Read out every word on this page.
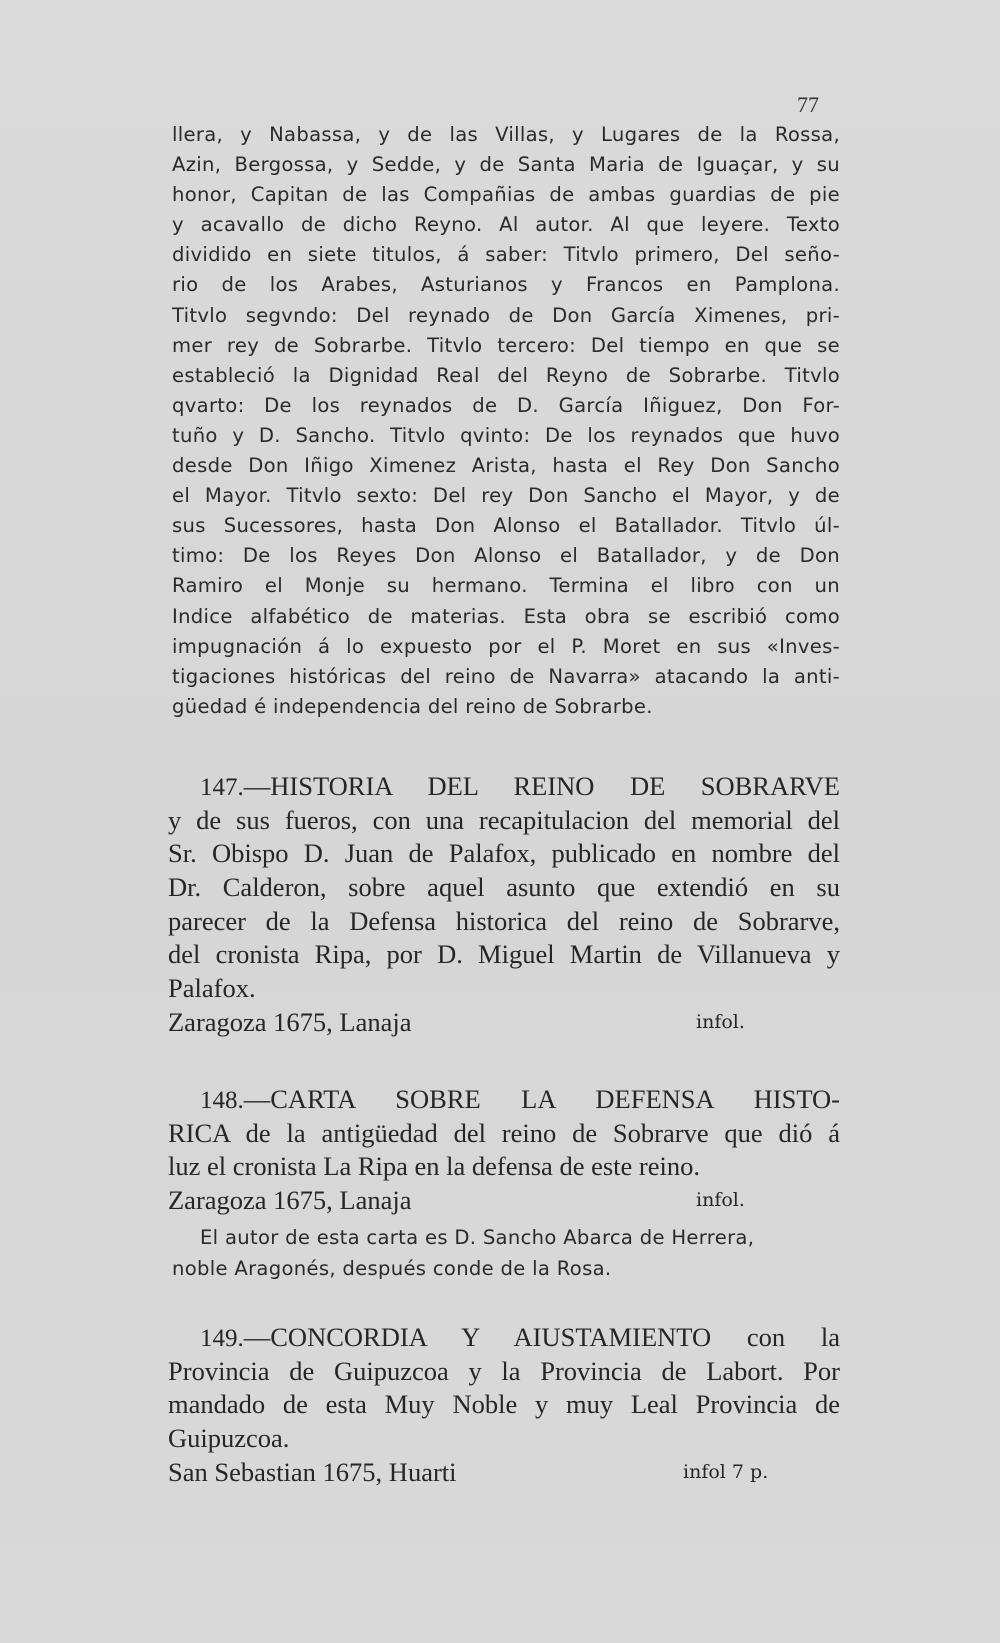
77
llera, y Nabassa, y de las Villas, y Lugares de la Rossa,
Azin, Bergossa, y Sedde, y de Santa Maria de Iguaçar, y su
honor, Capitan de las Compañias de ambas guardias de pie
y acavallo de dicho Reyno. Al autor. Al que leyere. Texto
dividido en siete titulos, á saber: Titvlo primero, Del seño-
rio de los Arabes, Asturianos y Francos en Pamplona.
Titvlo segvndo: Del reynado de Don García Ximenes, pri-
mer rey de Sobrarbe. Titvlo tercero: Del tiempo en que se
estableció la Dignidad Real del Reyno de Sobrarbe. Titvlo
qvarto: De los reynados de D. García Iñiguez, Don For-
tuño y D. Sancho. Titvlo qvinto: De los reynados que huvo
desde Don Iñigo Ximenez Arista, hasta el Rey Don Sancho
el Mayor. Titvlo sexto: Del rey Don Sancho el Mayor, y de
sus Sucessores, hasta Don Alonso el Batallador. Titvlo úl-
timo: De los Reyes Don Alonso el Batallador, y de Don
Ramiro el Monje su hermano. Termina el libro con un
Indice alfabético de materias. Esta obra se escribió como
impugnación á lo expuesto por el P. Moret en sus «Inves-
tigaciones históricas del reino de Navarra» atacando la anti-
güedad é independencia del reino de Sobrarbe.
147.—HISTORIA DEL REINO DE SOBRARVE
y de sus fueros, con una recapitulacion del memorial del
Sr. Obispo D. Juan de Palafox, publicado en nombre del
Dr. Calderon, sobre aquel asunto que extendió en su
parecer de la Defensa historica del reino de Sobrarve,
del cronista Ripa, por D. Miguel Martin de Villanueva y
Palafox.
Zaragoza 1675, Lanaja	infol.
148.—CARTA SOBRE LA DEFENSA HISTO-
RICA de la antigüedad del reino de Sobrarve que dió á
luz el cronista La Ripa en la defensa de este reino.
Zaragoza 1675, Lanaja	infol.
El autor de esta carta es D. Sancho Abarca de Herrera,
noble Aragonés, después conde de la Rosa.
149.—CONCORDIA Y AIUSTAMIENTO con la
Provincia de Guipuzcoa y la Provincia de Labort. Por
mandado de esta Muy Noble y muy Leal Provincia de
Guipuzcoa.
San Sebastian 1675, Huarti	infol 7 p.
